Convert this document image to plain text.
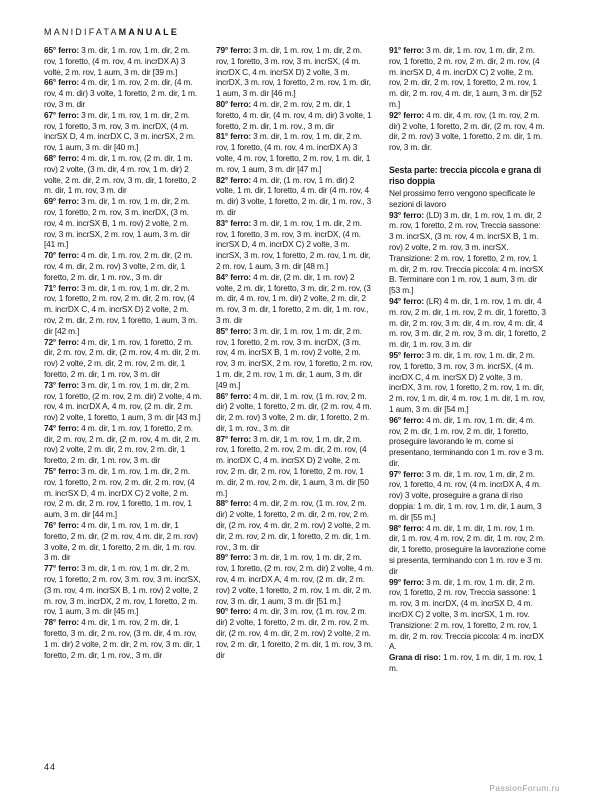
MANIDIFATAMANUALE

65° ferro: 3 m. dir, 1 m. rov, 1 m. dir, 2 m. rov, 1 foretto, (4 m. rov, 4 m. incrDX A) 3 volte, 2 m. rov, 1 aum, 3 m. dir [39 m.]

66° ferro: 4 m. dir, 1 m. rov, 2 m. dir, (4 m. rov, 4 m. dir) 3 volte, 1 foretto, 2 m. dir, 1 m. rov, 3 m. dir

67° ferro: 3 m. dir, 1 m. rov, 1 m. dir, 2 m. rov, 1 foretto, 3 m. rov, 3 m. incrDX, (4 m. incrSX D, 4 m. incrDX C, 3 m. incrSX, 2 m. rov, 1 aum, 3 m. dir [40 m.]

68° ferro: 4 m. dir, 1 m. rov, (2 m. dir, 1 m. rov) 2 volte, (3 m. dir, 4 m. rov, 1 m. dir) 2 volte, 2 m. dir, 2 m. rov, 3 m. dir, 1 foretto, 2 m. dir, 1 m. rov, 3 m. dir

69° ferro: 3 m. dir, 1 m. rov, 1 m. dir, 2 m. rov, 1 foretto, 2 m. rov, 3 m. incrDX, (3 m. rov, 4 m. incrSX B, 1 m. rov) 2 volte, 2 m. rov, 3 m. incrSX, 2 m. rov, 1 aum, 3 m. dir [41 m.]

70° ferro: 4 m. dir, 1 m. rov, 2 m. dir, (2 m. rov, 4 m. dir, 2 m. rov) 3 volte, 2 m. dir, 1 foretto, 2 m. dir, 1 m. rov., 3 m. dir

71° ferro: 3 m. dir, 1 m. rov, 1 m. dir, 2 m. rov, 1 foretto, 2 m. rov, 2 m. dir, 2 m. rov, (4 m. incrDX C, 4 m. incrSX D) 2 volte, 2 m. rov, 2 m. dir, 2 m. rov, 1 foretto, 1 aum, 3 m. dir [42 m.]

72° ferro: 4 m. dir, 1 m. rov, 1 foretto, 2 m. dir, 2 m. rov, 2 m. dir, (2 m. rov, 4 m. dir, 2 m. rov) 2 volte, 2 m. dir, 2 m. rov, 2 m. dir, 1 foretto, 2 m. dir, 1 m. rov, 3 m. dir

73° ferro: 3 m. dir, 1 m. rov, 1 m. dir, 2 m. rov, 1 foretto, (2 m. rov, 2 m. dir) 2 volte, 4 m. rov, 4 m. incrDX A, 4 m. rov, (2 m. dir, 2 m. rov) 2 volte, 1 foretto, 1 aum, 3 m. dir [43 m.]

74° ferro: 4 m. dir, 1 m. rov, 1 foretto, 2 m. dir, 2 m. rov, 2 m. dir, (2 m. rov, 4 m. dir, 2 m. rov) 2 volte, 2 m. dir, 2 m. rov, 2 m. dir, 1 foretto, 2 m. dir, 1 m. rov, 3 m. dir

75° ferro: 3 m. dir, 1 m. rov, 1 m. dir, 2 m. rov, 1 foretto, 2 m. rov, 2 m. dir, 2 m. rov, (4 m. incrSX D, 4 m. incrDX C) 2 volte, 2 m. rov, 2 m. dir, 2 m. rov, 1 foretto, 1 m. rov, 1 aum, 3 m. dir [44 m.]

76° ferro: 4 m. dir, 1 m. rov, 1 m. dir, 1 foretto, 2 m. dir, (2 m. rov, 4 m. dir, 2 m. rov) 3 volte, 2 m. dir, 1 foretto, 2 m. dir, 1 m. rov. 3 m. dir

77° ferro: 3 m. dir, 1 m. rov, 1 m. dir, 2 m. rov, 1 foretto, 2 m. rov, 3 m. rov, 3 m. incrSX, (3 m. rov, 4 m. incrSX B, 1 m. rov) 2 volte, 2 m. rov, 3 m. incrDX, 2 m. rov, 1 foretto, 2 m. rov, 1 aum, 3 m. dir [45 m.]

78° ferro: 4 m. dir, 1 m. rov, 2 m. dir, 1 foretto, 3 m. dir, 2 m. rov, (3 m. dir, 4 m. rov, 1 m. dir) 2 volte, 2 m. dir, 2 m. rov, 3 m. dir, 1 foretto, 2 m. dir, 1 m. rov., 3 m. dir

79° ferro: 3 m. dir, 1 m. rov, 1 m. dir, 2 m. rov, 1 foretto, 3 m. rov, 3 m. incrSX, (4 m. incrDX C, 4 m. incrSX D) 2 volte, 3 m. incrDX, 3 m. rov, 1 foretto, 2 m. rov, 1 m. dir, 1 aum, 3 m. dir [46 m.]

80° ferro: 4 m. dir, 2 m. rov, 2 m. dir, 1 foretto, 4 m. dir, (4 m. rov, 4 m. dir) 3 volte, 1 foretto, 2 m. dir, 1 m. rov., 3 m. dir

81° ferro: 3 m. dir, 1 m. rov, 1 m. dir, 2 m. rov, 1 foretto, (4 m. rov, 4 m. incrDX A) 3 volte, 4 m. rov, 1 foretto, 2 m. rov, 1 m. dir, 1 m. rov, 1 aum, 3 m. dir [47 m.]

82° ferro: 4 m. dir, (1 m. rov, 1 m. dir) 2 volte, 1 m. dir, 1 foretto, 4 m. dir (4 m. rov, 4 m. dir) 3 volte, 1 foretto, 2 m. dir, 1 m. rov., 3 m. dir

83° ferro: 3 m. dir, 1 m. rov, 1 m. dir, 2 m. rov, 1 foretto, 3 m. rov, 3 m. incrDX, (4 m. incrSX D, 4 m. incrDX C) 2 volte, 3 m. incrSX, 3 m. rov, 1 foretto, 2 m. rov, 1 m. dir, 2 m. rov, 1 aum, 3 m. dir [48 m.]

84° ferro: 4 m. dir, (2 m. dir, 1 m. rov) 2 volte, 2 m. dir, 1 foretto, 3 m. dir, 2 m. rov, (3 m. dir, 4 m. rov, 1 m. dir) 2 volte, 2 m. dir, 2 m. rov, 3 m. dir, 1 foretto, 2 m. dir, 1 m. rov., 3 m. dir

85° ferro: 3 m. dir, 1 m. rov, 1 m. dir, 2 m. rov, 1 foretto, 2 m. rov, 3 m. incrDX, (3 m. rov, 4 m. incrSX B, 1 m. rov) 2 volte, 2 m. rov, 3 m. incrSX, 2 m. rov, 1 foretto, 2 m. rov, 1 m. dir, 2 m. rov, 1 m. dir, 1 aum, 3 m. dir [49 m.]

86° ferro: 4 m. dir, 1 m. rov, (1 m. rov, 2 m. dir) 2 volte, 1 foretto, 2 m. dir, (2 m. rov, 4 m. dir, 2 m. rov) 3 volte, 2 m. dir, 1 foretto, 2 m. dir, 1 m. rov., 3 m. dir

87° ferro: 3 m. dir, 1 m. rov, 1 m. dir, 2 m. rov, 1 foretto, 2 m. rov, 2 m. dir, 2 m. rov, (4 m. incrDX C, 4 m. incrSX D) 2 volte, 2 m. rov, 2 m. dir, 2 m. rov, 1 foretto, 2 m. rov, 1 m. dir, 2 m. rov, 2 m. dir, 1 aum, 3 m. dir [50 m.]

88° ferro: 4 m. dir, 2 m. rov, (1 m. rov, 2 m. dir) 2 volte, 1 foretto, 2 m. dir, 2 m. rov, 2 m. dir, (2 m. rov, 4 m. dir, 2 m. rov) 2 volte, 2 m. dir, 2 m. rov, 2 m. dir, 1 foretto, 2 m. dir, 1 m. rov., 3 m. dir

89° ferro: 3 m. dir, 1 m. rov, 1 m. dir, 2 m. rov, 1 foretto, (2 m. rov, 2 m. dir) 2 volte, 4 m. rov, 4 m. incrDX A, 4 m. rov, (2 m. dir, 2 m. rov) 2 volte, 1 foretto, 2 m. rov, 1 m. dir, 2 m. rov, 3 m. dir, 1 aum, 3 m. dir [51 m.]

90° ferro: 4 m. dir, 3 m. rov, (1 m. rov, 2 m. dir) 2 volte, 1 foretto, 2 m. dir, 2 m. rov, 2 m. dir, (2 m. rov, 4 m. dir, 2 m. rov) 2 volte, 2 m. rov, 2 m. dir, 1 foretto, 2 m. dir, 1 m. rov, 3 m. dir

91° ferro: 3 m. dir, 1 m. rov, 1 m. dir, 2 m. rov, 1 foretto, 2 m. rov, 2 m. dir, 2 m. rov, (4 m. incrSX D, 4 m. incrDX C) 2 volte, 2 m. rov, 2 m. dir, 2 m. rov, 1 foretto, 2 m. rov, 1 m. dir, 2 m. rov, 4 m. dir, 1 aum, 3 m. dir [52 m.]

92° ferro: 4 m. dir, 4 m. rov, (1 m. rov, 2 m. dir) 2 volte, 1 foretto, 2 m. dir, (2 m. rov, 4 m. dir, 2 m. rov) 3 volte, 1 foretto, 2 m. dir, 1 m. rov, 3 m. dir.

Sesta parte: treccia piccola e grana di riso doppia

Nel prossimo ferro vengono specificate le sezioni di lavoro

93° ferro: (LD) 3 m. dir, 1 m. rov, 1 m. dir, 2 m. rov, 1 foretto, 2 m. rov, Treccia sassone: 3 m. incrSX, (3 m. rov, 4 m. incrSX B, 1 m. rov) 2 volte, 2 m. rov, 3 m. incrSX. Transizione: 2 m. rov, 1 foretto, 2 m. rov, 1 m. dir, 2 m. rov. Treccia piccola: 4 m. incrSX B. Terminare con 1 m. rov, 1 aum, 3 m. dir [53 m.]

94° ferro: (LR) 4 m. dir, 1 m. rov, 1 m. dir, 4 m. rov, 2 m. dir, 1 m. rov, 2 m. dir, 1 foretto, 3 m. dir, 2 m. rov, 3 m. dir, 4 m. rov, 4 m. dir, 4 m. rov, 3 m. dir, 2 m. rov, 3 m. dir, 1 foretto, 2 m. dir, 1 m. rov, 3 m. dir

95° ferro: 3 m. dir, 1 m. rov, 1 m. dir, 2 m. rov, 1 foretto, 3 m. rov, 3 m. incrSX, (4 m. incrDX C, 4 m. incrSX D) 2 volte, 3 m. incrDX, 3 m. rov, 1 foretto, 2 m. rov, 1 m. dir, 2 m. rov, 1 m. dir, 4 m. rov, 1 m. dir, 1 m. rov, 1 aum, 3 m. dir [54 m.]

96° ferro: 4 m. dir, 1 m. rov, 1 m. dir, 4 m. rov, 2 m. dir, 1 m. rov, 2 m. dir, 1 foretto, proseguire lavorando le m. come si presentano, terminando con 1 m. rov e 3 m. dir.

97° ferro: 3 m. dir, 1 m. rov, 1 m. dir, 2 m. rov, 1 foretto, 4 m. rov, (4 m. incrDX A, 4 m. rov) 3 volte, proseguire a grana di riso doppia: 1 m. dir, 1 m. rov, 1 m. dir, 1 aum, 3 m. dir [55 m.]

98° ferro: 4 m. dir, 1 m. dir, 1 m. rov, 1 m. dir, 1 m. rov, 4 m. rov, 2 m. dir, 1 m. rov, 2 m. dir, 1 foretto, proseguire la lavorazione come si presenta, terminando con 1 m. rov e 3 m. dir

99° ferro: 3 m. dir, 1 m. rov, 1 m. dir, 2 m. rov, 1 foretto, 2 m. rov, Treccia sassone: 1 m. rov, 3 m. incrDX, (4 m. incrSX D, 4 m. incrDX C) 2 volte, 3 m. incrSX, 1 m. rov. Transizione: 2 m. rov, 1 foretto, 2 m. rov, 1 m. dir, 2 m. rov. Treccia piccola: 4 m. incrDX A.

Grana di riso: 1 m. rov, 1 m. dir, 1 m. rov, 1 m.

44
PassionForum.ru
